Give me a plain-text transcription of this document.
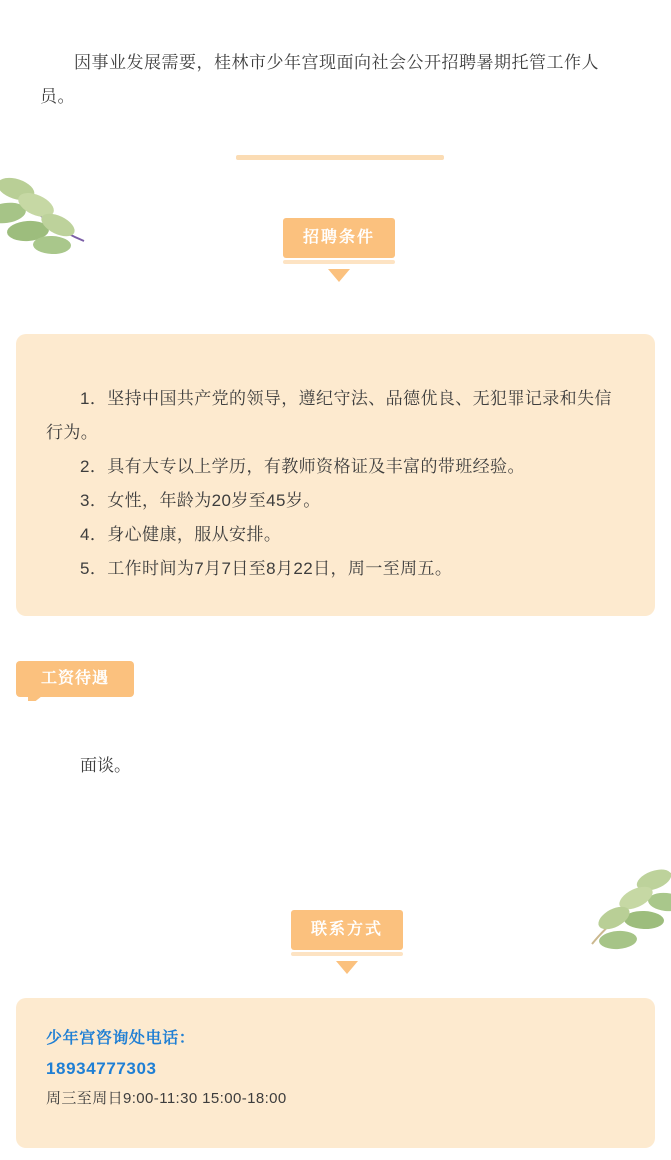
因事业发展需要，桂林市少年宫现面向社会公开招聘暑期托管工作人员。

招聘条件
1．坚持中国共产党的领导，遵纪守法、品德优良、无犯罪记录和失信行为。
2．具有大专以上学历，有教师资格证及丰富的带班经验。
3．女性，年龄为20岁至45岁。
4．身心健康，服从安排。
5．工作时间为7月7日至8月22日，周一至周五。
工资待遇

面谈。

联系方式
少年宫咨询处电话：
18934777303
周三至周日9:00-11:30 15:00-18:00
